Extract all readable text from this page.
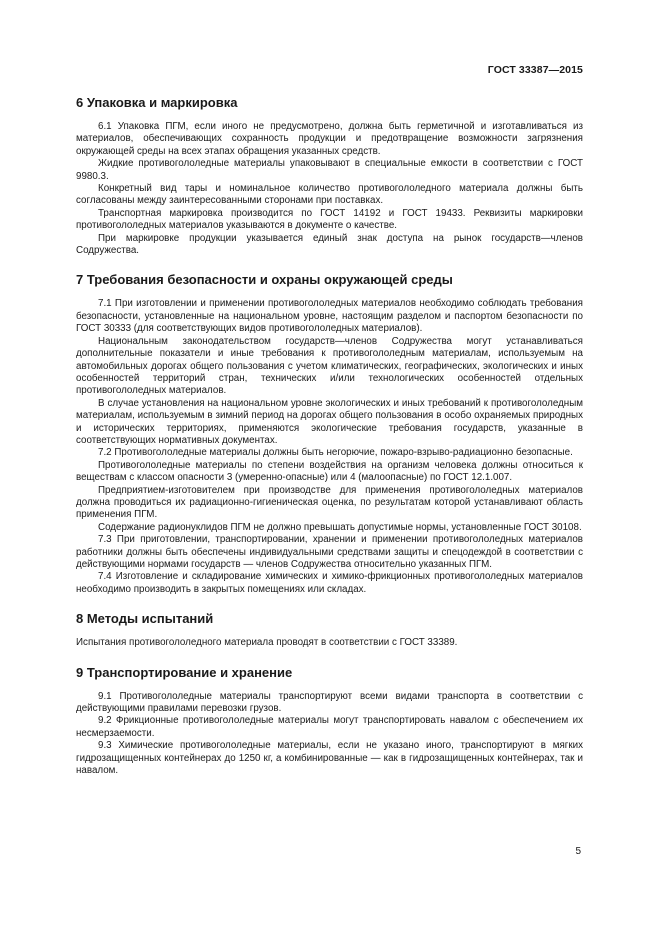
ГОСТ 33387—2015
6 Упаковка и маркировка

6.1 Упаковка ПГМ, если иного не предусмотрено, должна быть герметичной и изготавливаться из материалов, обеспечивающих сохранность продукции и предотвращение возможности загрязнения окружающей среды на всех этапах обращения указанных средств.

Жидкие противогололедные материалы упаковывают в специальные емкости в соответствии с ГОСТ 9980.3.

Конкретный вид тары и номинальное количество противогололедного материала должны быть согласованы между заинтересованными сторонами при поставках.

Транспортная маркировка производится по ГОСТ 14192 и ГОСТ 19433. Реквизиты маркировки противогололедных материалов указываются в документе о качестве.

При маркировке продукции указывается единый знак доступа на рынок государств—членов Содружества.

7 Требования безопасности и охраны окружающей среды

7.1 При изготовлении и применении противогололедных материалов необходимо соблюдать требования безопасности, установленные на национальном уровне, настоящим разделом и паспортом безопасности по ГОСТ 30333 (для соответствующих видов противогололедных материалов).

Национальным законодательством государств—членов Содружества могут устанавливаться дополнительные показатели и иные требования к противогололедным материалам, используемым на автомобильных дорогах общего пользования с учетом климатических, географических, экологических и иных особенностей территорий стран, технических и/или технологических особенностей отдельных противогололедных материалов.

В случае установления на национальном уровне экологических и иных требований к противогололедным материалам, используемым в зимний период на дорогах общего пользования в особо охраняемых природных и исторических территориях, применяются экологические требования государств, указанные в соответствующих нормативных документах.

7.2 Противогололедные материалы должны быть негорючие, пожаро-взрыво-радиационно безопасные.

Противогололедные материалы по степени воздействия на организм человека должны относиться к веществам с классом опасности 3 (умеренно-опасные) или 4 (малоопасные) по ГОСТ 12.1.007.

Предприятием-изготовителем при производстве для применения противогололедных материалов должна проводиться их радиационно-гигиеническая оценка, по результатам которой устанавливают область применения ПГМ.

Содержание радионуклидов ПГМ не должно превышать допустимые нормы, установленные ГОСТ 30108.

7.3 При приготовлении, транспортировании, хранении и применении противогололедных материалов работники должны быть обеспечены индивидуальными средствами защиты и спецодеждой в соответствии с действующими нормами государств — членов Содружества относительно указанных ПГМ.

7.4 Изготовление и складирование химических и химико-фрикционных противогололедных материалов необходимо производить в закрытых помещениях или складах.

8 Методы испытаний

Испытания противогололедного материала проводят в соответствии с ГОСТ 33389.

9 Транспортирование и хранение

9.1 Противогололедные материалы транспортируют всеми видами транспорта в соответствии с действующими правилами перевозки грузов.

9.2 Фрикционные противогололедные материалы могут транспортировать навалом с обеспечением их несмерзаемости.

9.3 Химические противогололедные материалы, если не указано иного, транспортируют в мягких гидрозащищенных контейнерах до 1250 кг, а комбинированные — как в гидрозащищенных контейнерах, так и навалом.

5
